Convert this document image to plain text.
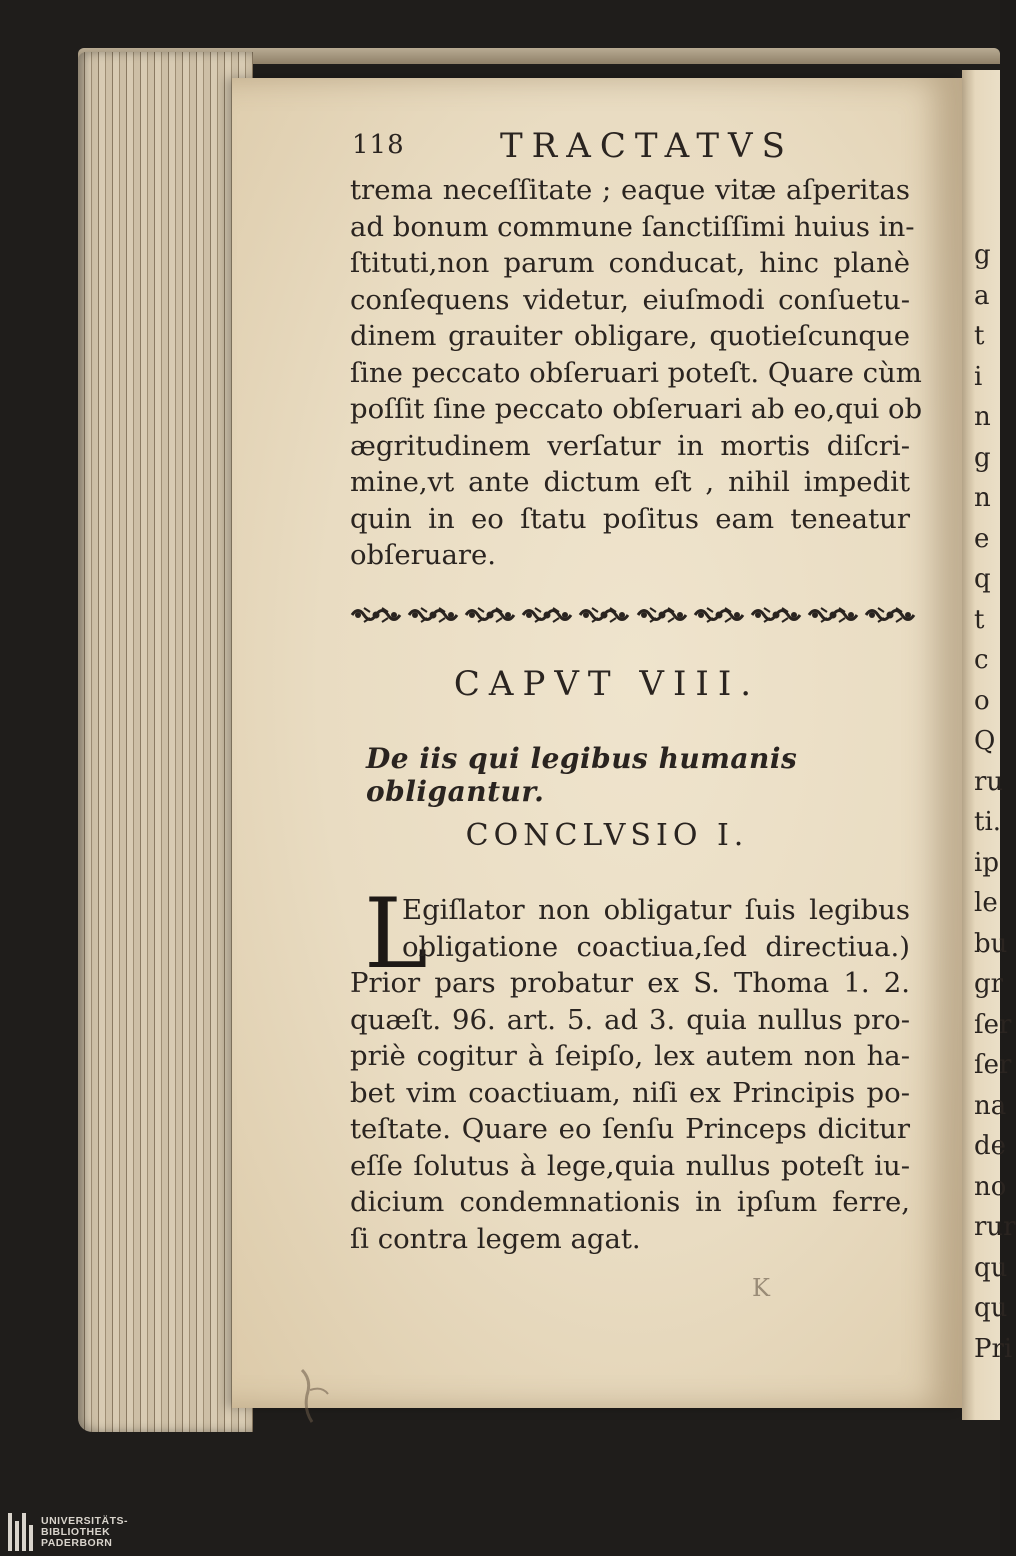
g
a
t
i
n
g
n
e
q
t
c
o
Q
ru
ti.
ip
le
bu
gr
ſer
ſer
na
de
no
rur
qu
qu
Pri
118	TRACTATVS
trema neceſſitate ; eaque vitæ aſperitas
ad bonum commune ſanctiſſimi huius in-
ſtituti,non parum conducat, hinc planè
conſequens videtur, eiuſmodi conſuetu-
dinem grauiter obligare, quotieſcunque
ſine peccato obſeruari poteſt. Quare cùm
poſſit ſine peccato obſeruari ab eo,qui ob
ægritudinem verſatur in mortis diſcri-
mine,vt ante dictum eſt , nihil impedit
quin in eo ſtatu poſitus eam teneatur
obſeruare.
CAPVT VIII.
De iis qui legibus humanis obligantur.
CONCLVSIO I.
L
Egiſlator non obligatur ſuis legibus
obligatione coactiua,ſed directiua.)
Prior pars probatur ex S. Thoma 1. 2.
quæſt. 96. art. 5. ad 3. quia nullus pro-
priè cogitur à ſeipſo, lex autem non ha-
bet vim coactiuam, niſi ex Principis po-
teſtate. Quare eo ſenſu Princeps dicitur
eſſe ſolutus à lege,quia nullus poteſt iu-
dicium condemnationis in ipſum ferre,
ſi contra legem agat.
K
UNIVERSITÄTS-
BIBLIOTHEK
PADERBORN
